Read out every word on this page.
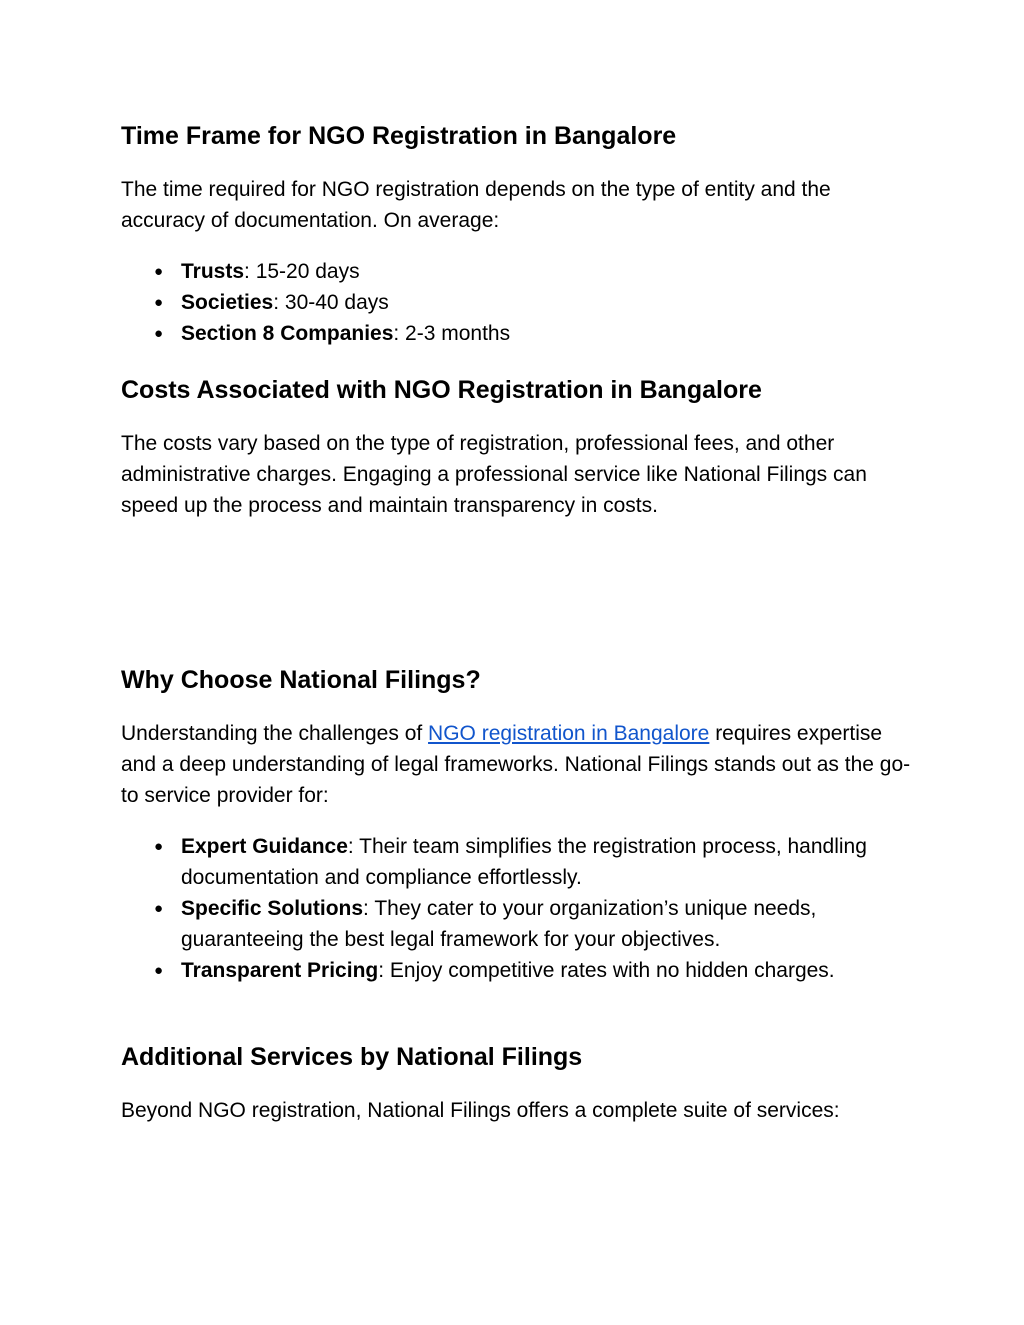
Time Frame for NGO Registration in Bangalore

The time required for NGO registration depends on the type of entity and the accuracy of documentation. On average:

● Trusts: 15-20 days
● Societies: 30-40 days
● Section 8 Companies: 2-3 months
Costs Associated with NGO Registration in Bangalore

The costs vary based on the type of registration, professional fees, and other administrative charges. Engaging a professional service like National Filings can speed up the process and maintain transparency in costs.

Why Choose National Filings?

Understanding the challenges of NGO registration in Bangalore requires expertise and a deep understanding of legal frameworks. National Filings stands out as the go-to service provider for:

● Expert Guidance: Their team simplifies the registration process, handling documentation and compliance effortlessly.
● Specific Solutions: They cater to your organization’s unique needs, guaranteeing the best legal framework for your objectives.
● Transparent Pricing: Enjoy competitive rates with no hidden charges.
Additional Services by National Filings

Beyond NGO registration, National Filings offers a complete suite of services:
